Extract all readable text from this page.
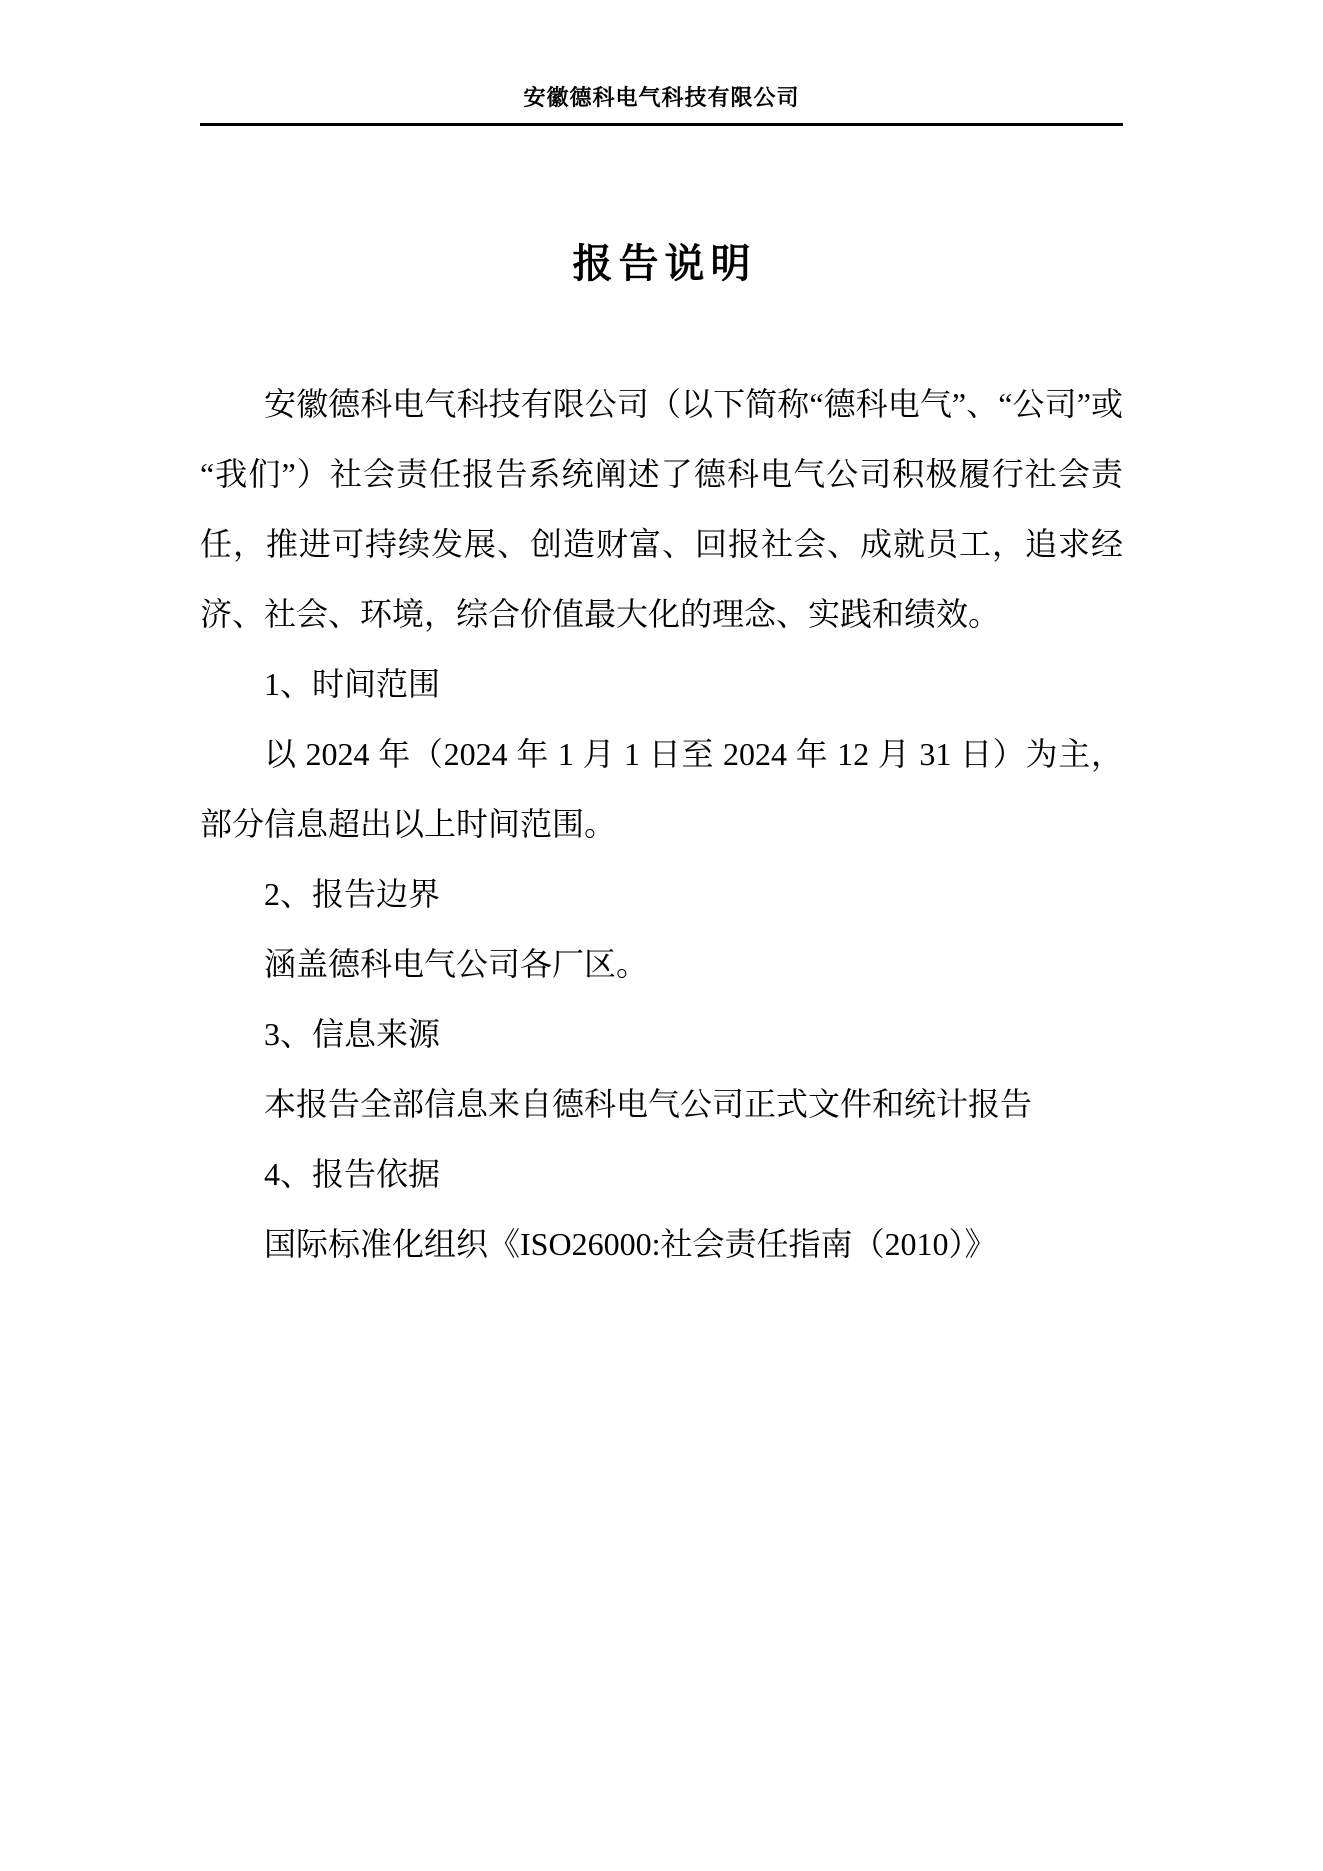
安徽德科电气科技有限公司
报告说明

安徽德科电气科技有限公司（以下简称“德科电气”、“公司”或“我们”）社会责任报告系统阐述了德科电气公司积极履行社会责任，推进可持续发展、创造财富、回报社会、成就员工，追求经济、社会、环境，综合价值最大化的理念、实践和绩效。

1、时间范围

以 2024 年（2024 年 1 月 1 日至 2024 年 12 月 31 日）为主，部分信息超出以上时间范围。

2、报告边界

涵盖德科电气公司各厂区。

3、信息来源

本报告全部信息来自德科电气公司正式文件和统计报告

4、报告依据

国际标准化组织《ISO26000:社会责任指南（2010）》
